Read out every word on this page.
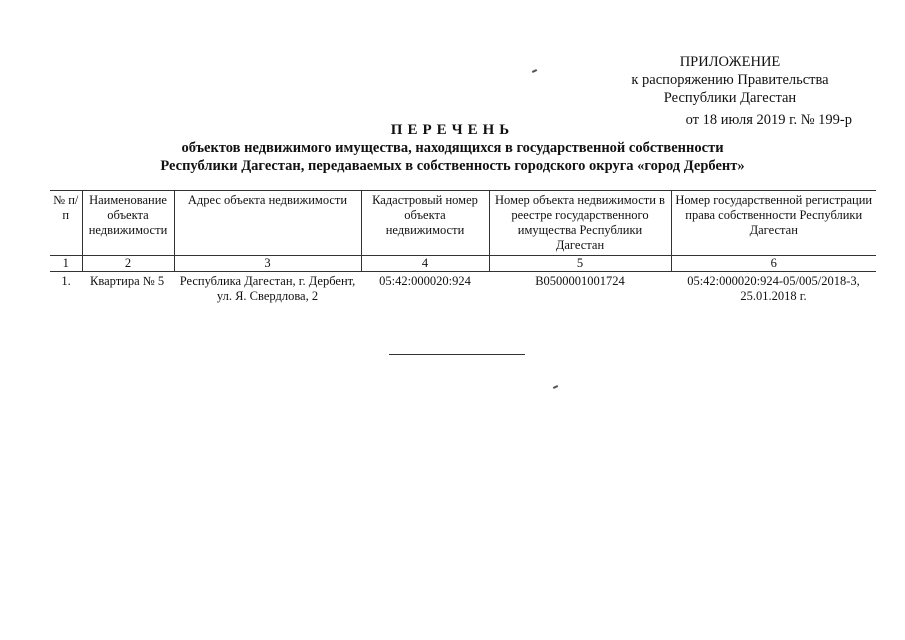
ПРИЛОЖЕНИЕ
к распоряжению Правительства
Республики Дагестан
от 18 июля 2019 г. № 199-р
ПЕРЕЧЕНЬ
объектов недвижимого имущества, находящихся в государственной собственности
Республики Дагестан, передаваемых в собственность городского округа «город Дербент»
№ п/п	Наименование объекта недвижимости	Адрес объекта недвижимости	Кадастровый номер объекта недвижимости	Номер объекта недвижимости в реестре государственного имущества Республики Дагестан	Номер государственной регистрации права собственности Республики Дагестан
1	2	3	4	5	6
1.	Квартира № 5	Республика Дагестан, г. Дербент, ул. Я. Свердлова, 2	05:42:000020:924	В0500001001724	05:42:000020:924-05/005/2018-3, 25.01.2018 г.
